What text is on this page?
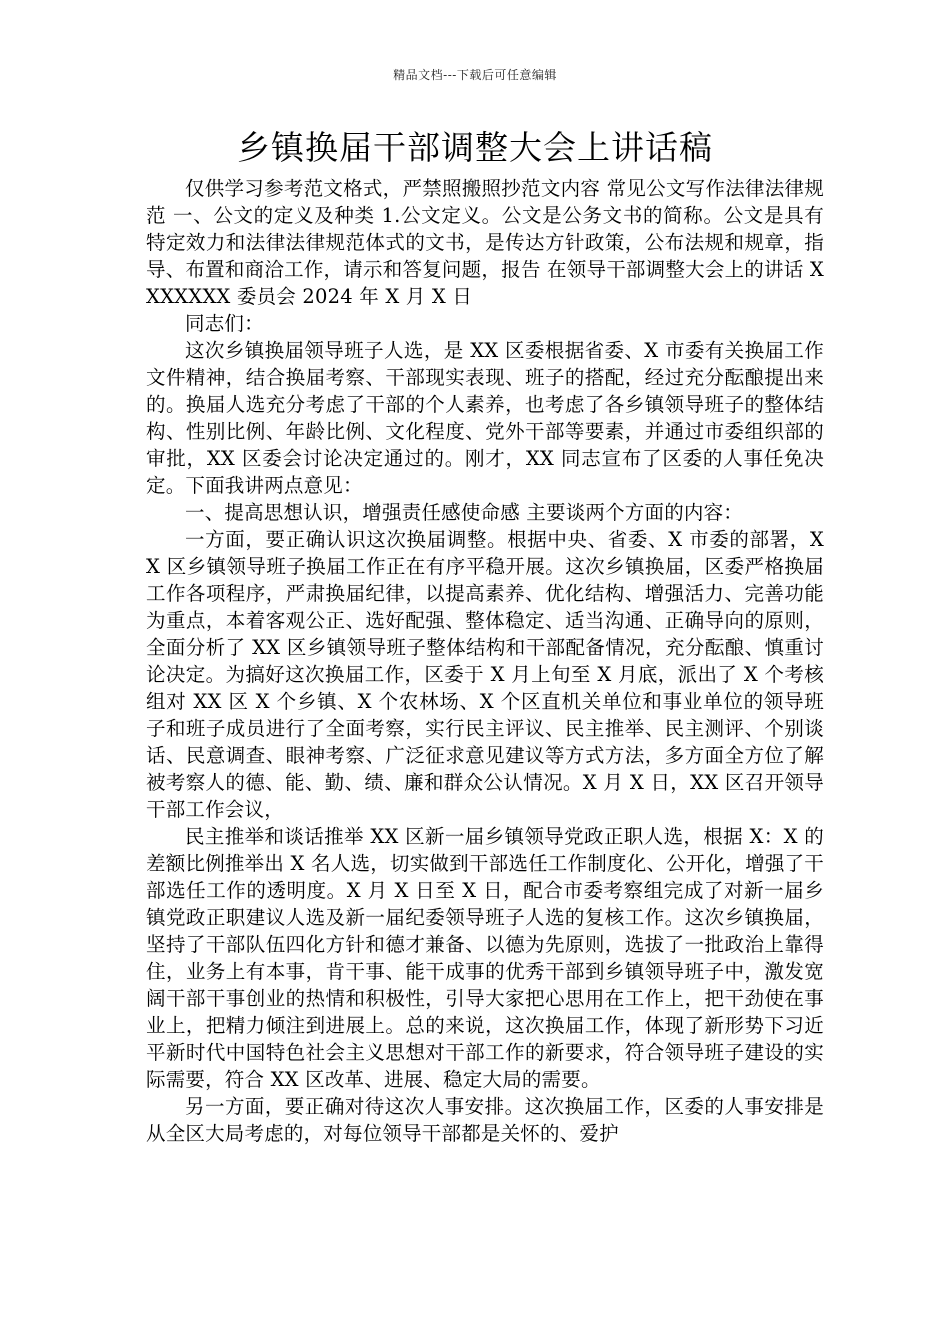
精品文档---下载后可任意编辑
乡镇换届干部调整大会上讲话稿

仅供学习参考范文格式，严禁照搬照抄范文内容 常见公文写作法律法律规范 一、公文的定义及种类 1.公文定义。公文是公务文书的简称。公文是具有特定效力和法律法律规范体式的文书，是传达方针政策，公布法规和规章，指导、布置和商洽工作，请示和答复问题，报告 在领导干部调整大会上的讲话 XXXXXXX 委员会 2024 年 X 月 X 日

同志们：

这次乡镇换届领导班子人选，是 XX 区委根据省委、X 市委有关换届工作文件精神，结合换届考察、干部现实表现、班子的搭配，经过充分酝酿提出来的。换届人选充分考虑了干部的个人素养，也考虑了各乡镇领导班子的整体结构、性别比例、年龄比例、文化程度、党外干部等要素，并通过市委组织部的审批，XX 区委会讨论决定通过的。刚才，XX 同志宣布了区委的人事任免决定。下面我讲两点意见：

一、提高思想认识，增强责任感使命感 主要谈两个方面的内容：

一方面，要正确认识这次换届调整。根据中央、省委、X 市委的部署，XX 区乡镇领导班子换届工作正在有序平稳开展。这次乡镇换届，区委严格换届工作各项程序，严肃换届纪律，以提高素养、优化结构、增强活力、完善功能为重点，本着客观公正、选好配强、整体稳定、适当沟通、正确导向的原则，全面分析了 XX 区乡镇领导班子整体结构和干部配备情况，充分酝酿、慎重讨论决定。为搞好这次换届工作，区委于 X 月上旬至 X 月底，派出了 X 个考核组对 XX 区 X 个乡镇、X 个农林场、X 个区直机关单位和事业单位的领导班子和班子成员进行了全面考察，实行民主评议、民主推举、民主测评、个别谈话、民意调查、眼神考察、广泛征求意见建议等方式方法，多方面全方位了解被考察人的德、能、勤、绩、廉和群众公认情况。X 月 X 日，XX 区召开领导干部工作会议，

民主推举和谈话推举 XX 区新一届乡镇领导党政正职人选，根据 X：X 的差额比例推举出 X 名人选，切实做到干部选任工作制度化、公开化，增强了干部选任工作的透明度。X 月 X 日至 X 日，配合市委考察组完成了对新一届乡镇党政正职建议人选及新一届纪委领导班子人选的复核工作。这次乡镇换届，坚持了干部队伍四化方针和德才兼备、以德为先原则，选拔了一批政治上靠得住，业务上有本事，肯干事、能干成事的优秀干部到乡镇领导班子中，激发宽阔干部干事创业的热情和积极性，引导大家把心思用在工作上，把干劲使在事业上，把精力倾注到进展上。总的来说，这次换届工作，体现了新形势下习近平新时代中国特色社会主义思想对干部工作的新要求，符合领导班子建设的实际需要，符合 XX 区改革、进展、稳定大局的需要。

另一方面，要正确对待这次人事安排。这次换届工作，区委的人事安排是从全区大局考虑的，对每位领导干部都是关怀的、爱护
